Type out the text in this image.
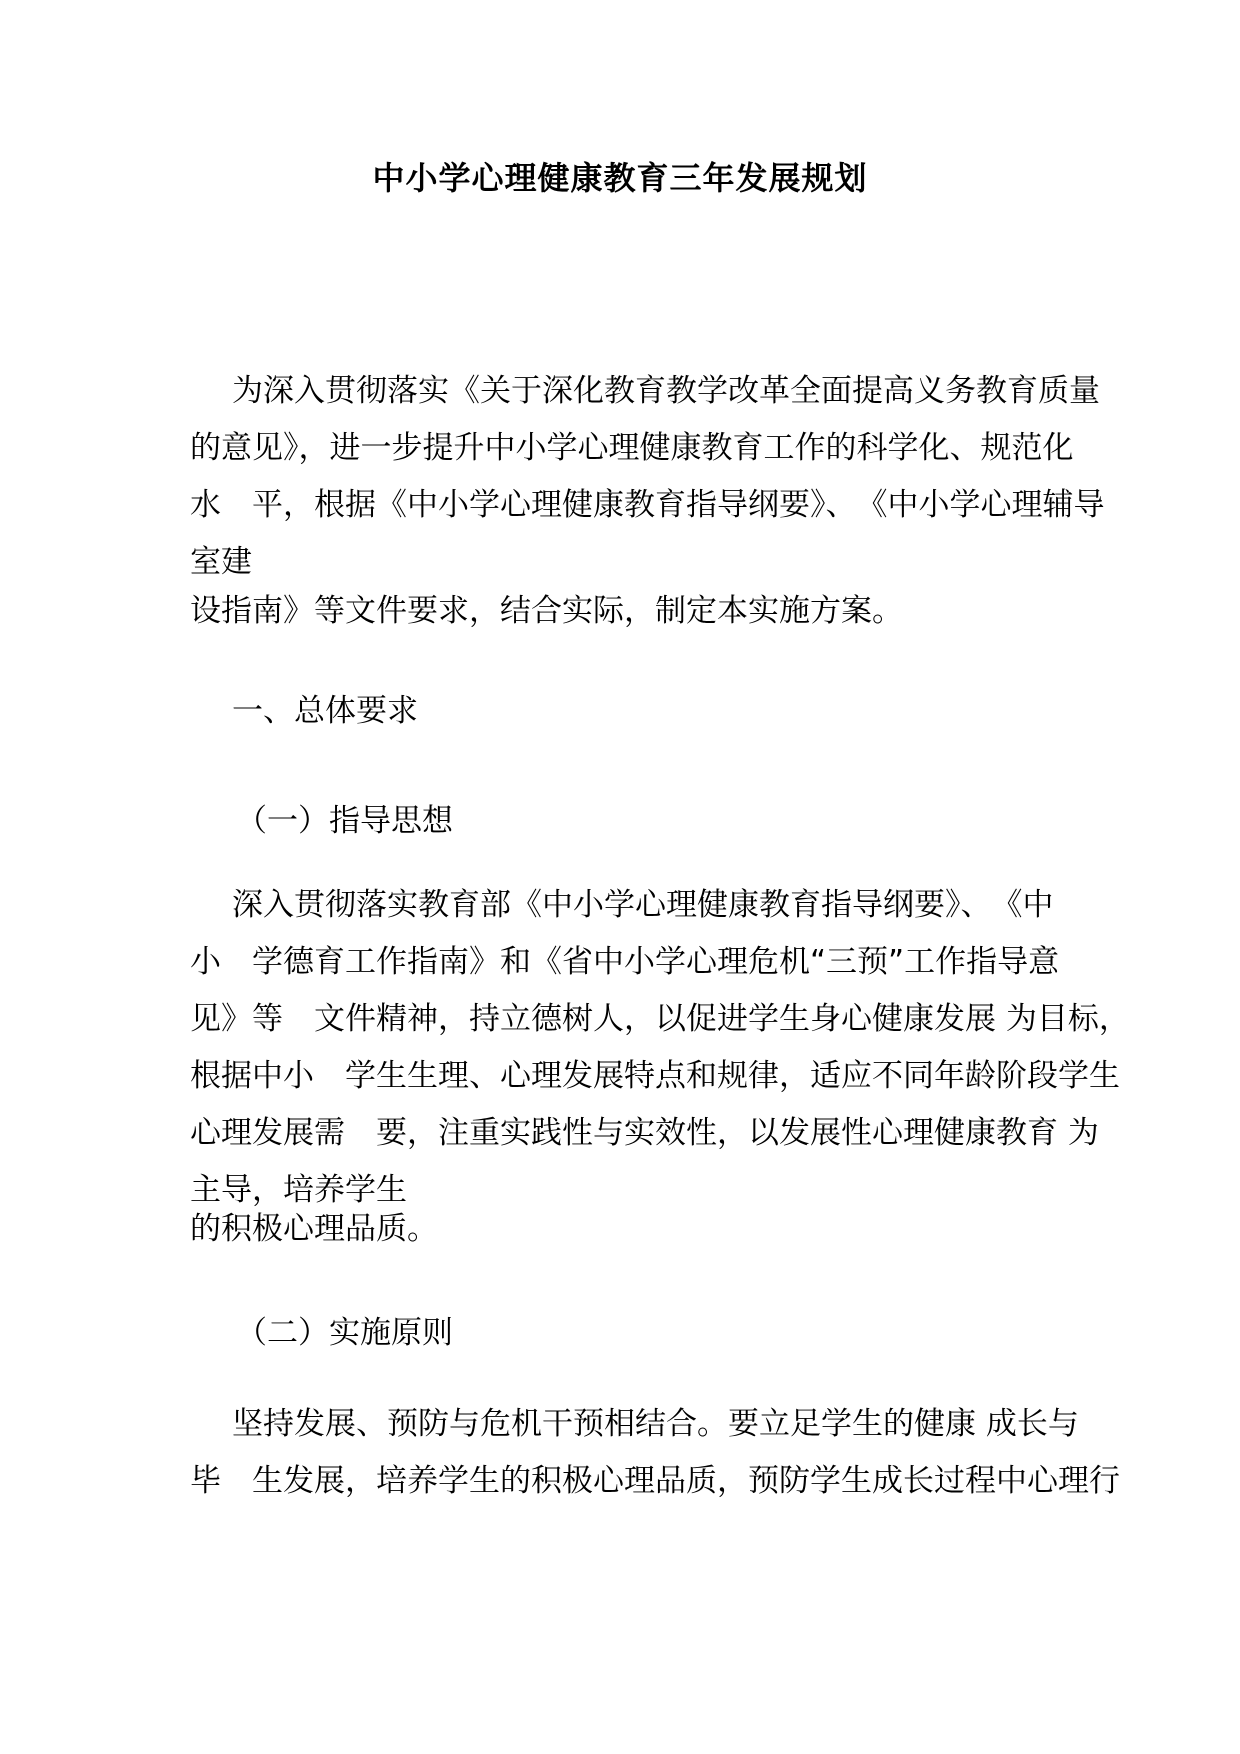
中小学心理健康教育三年发展规划
为深入贯彻落实《关于深化教育教学改革全面提高义务教育质量
的意见》，进一步提升中小学心理健康教育工作的科学化、规范化
水　平，根据《中小学心理健康教育指导纲要》、　《中小学心理辅导
室建
设指南》等文件要求，结合实际，制定本实施方案。
一、总体要求
（一）指导思想
深入贯彻落实教育部《中小学心理健康教育指导纲要》、　《中
小　学德育工作指南》和《省中小学心理危机“三预”工作指导意
见》等　文件精神，持立德树人，以促进学生身心健康发展 为目标，
根据中小　学生生理、心理发展特点和规律，适应不同年龄阶段学生
心理发展需　要，注重实践性与实效性，以发展性心理健康教育 为
主导，培养学生
的积极心理品质。
（二）实施原则
坚持发展、预防与危机干预相结合。要立足学生的健康 成长与
毕　生发展，培养学生的积极心理品质，预防学生成长过程中心理行
